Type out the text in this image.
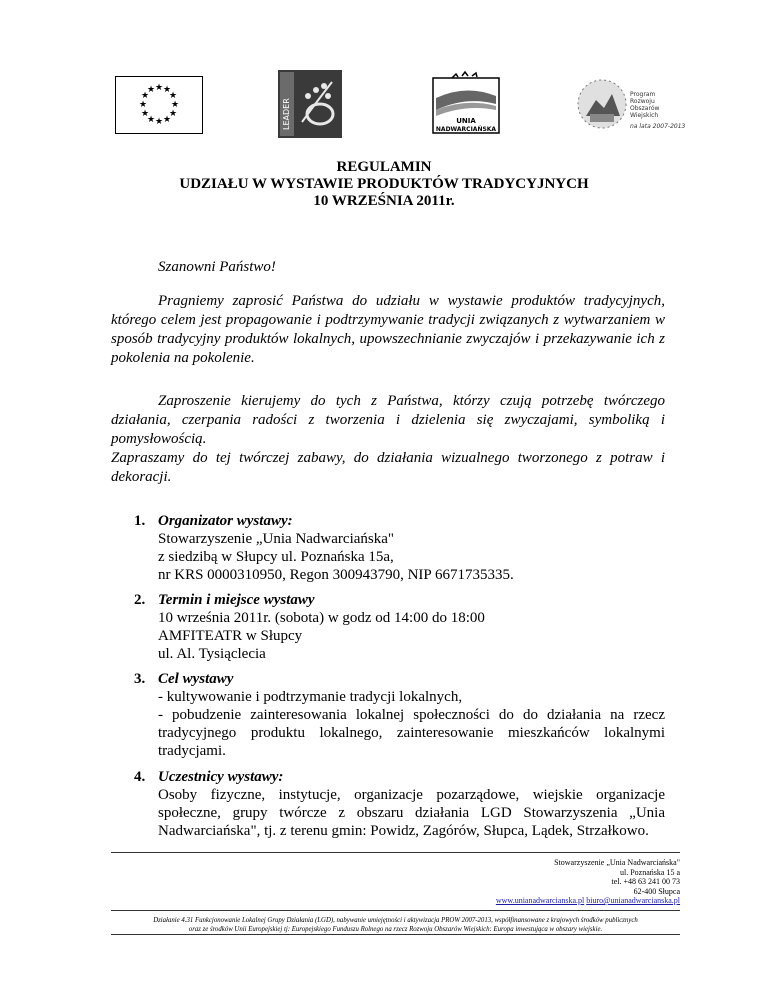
★ ★
★
★
★
★
★
★
★
★
★
★
LEADER	UNIA
NADWARCIAŃSKA
Program
Rozwoju
Obszarów
Wiejskich
na lata 2007-2013
REGULAMIN
UDZIAŁU W WYSTAWIE PRODUKTÓW TRADYCYJNYCH
10 WRZEŚNIA 2011r.

Szanowni Państwo!

Pragniemy zaprosić Państwa do udziału w wystawie produktów tradycyjnych, którego celem jest propagowanie i podtrzymywanie tradycji związanych z wytwarzaniem w sposób tradycyjny produktów lokalnych, upowszechnianie zwyczajów i przekazywanie ich z pokolenia na pokolenie.

Zaproszenie kierujemy do tych z Państwa, którzy czują potrzebę twórczego działania, czerpania radości z tworzenia i dzielenia się zwyczajami, symboliką i pomysłowością.

Zapraszamy do tej twórczej zabawy, do działania wizualnego tworzonego z potraw i dekoracji.

1. Organizator wystawy:
Stowarzyszenie „Unia Nadwarciańska"
z siedzibą w Słupcy ul. Poznańska 15a,
nr KRS 0000310950, Regon 300943790, NIP 6671735335.
2. Termin i miejsce wystawy
10 września 2011r. (sobota) w godz od 14:00 do 18:00
AMFITEATR w Słupcy
ul. Al. Tysiąclecia
3. Cel wystawy
- kultywowanie i podtrzymanie tradycji lokalnych,
- pobudzenie zainteresowania lokalnej społeczności do do działania na rzecz tradycyjnego produktu lokalnego, zainteresowanie mieszkańców lokalnymi tradycjami.
4. Uczestnicy wystawy:
Osoby fizyczne, instytucje, organizacje pozarządowe, wiejskie organizacje społeczne, grupy twórcze z obszaru działania LGD Stowarzyszenia „Unia Nadwarciańska", tj. z terenu gmin: Powidz, Zagórów, Słupca, Lądek, Strzałkowo.
Stowarzyszenie „Unia Nadwarciańska"
ul. Poznańska 15 a
tel. +48 63 241 00 73
62-400 Słupca
www.unianadwarcianska.pl biuro@unianadwarcianska.pl
Działanie 4.31 Funkcjonowanie Lokalnej Grupy Działania (LGD), nabywanie umiejętności i aktywizacja PROW 2007-2013, współfinansowane z krajowych środków publicznych
oraz ze środków Unii Europejskiej tj: Europejskiego Funduszu Rolnego na rzecz Rozwoju Obszarów Wiejskich: Europa inwestująca w obszary wiejskie.
